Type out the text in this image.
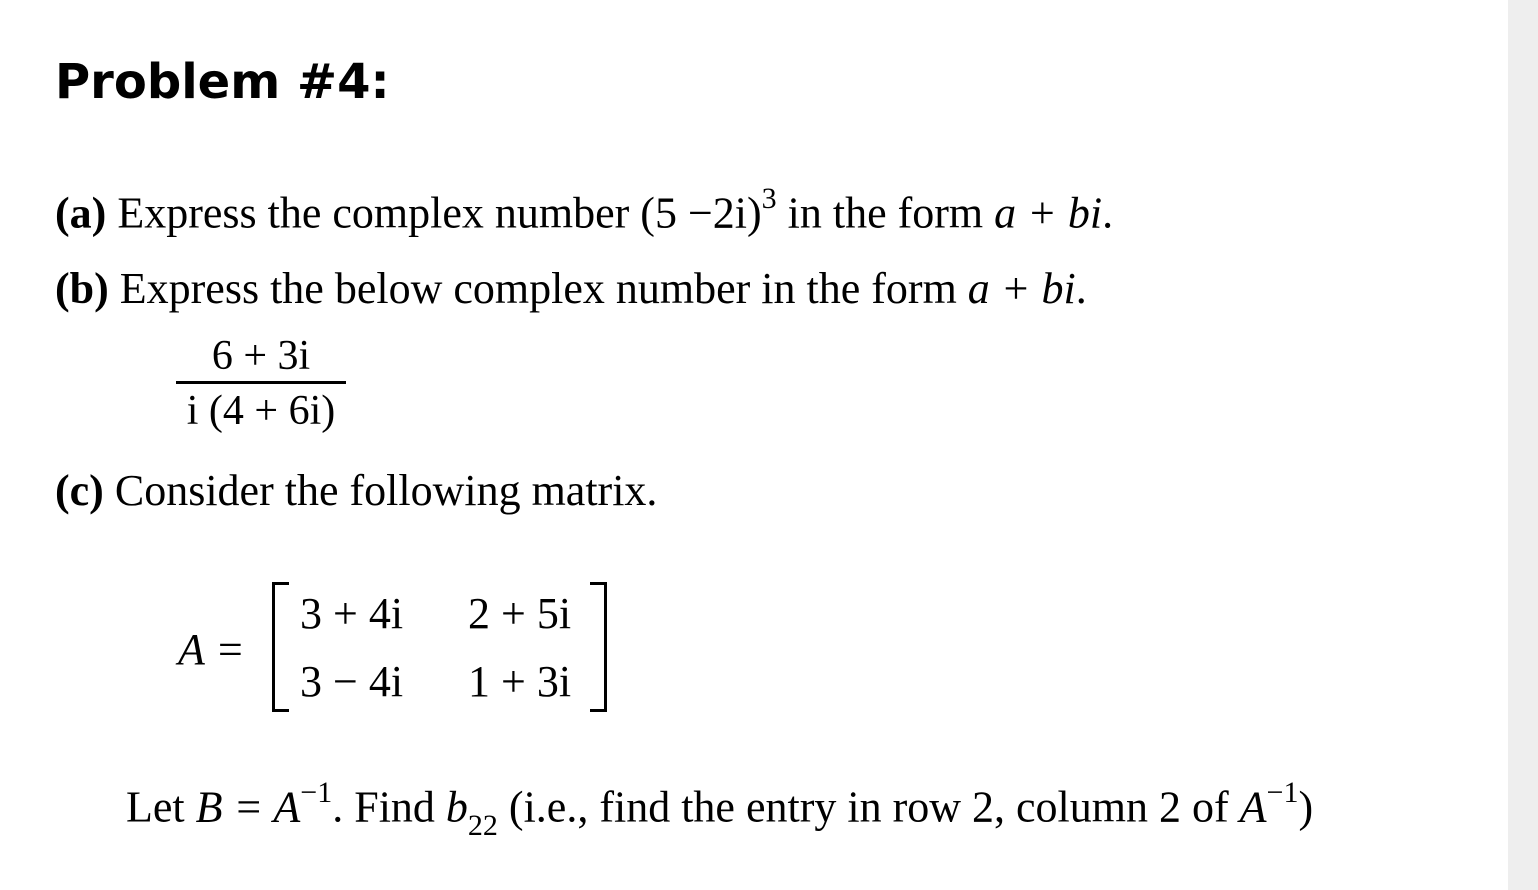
Problem #4:
(a) Express the complex number $(5 -2i)^3$ in the form a + bi.
(b) Express the below complex number in the form a + bi.
6 + 3i
i (4 + 6i)
(c) Consider the following matrix.
A =
3 + 4i 2 + 5i
3 − 4i 1 + 3i
Let $B = A^{-1}$. Find $b_{22}$ (i.e., find the entry in row 2, column 2 of $A^{-1}$)
